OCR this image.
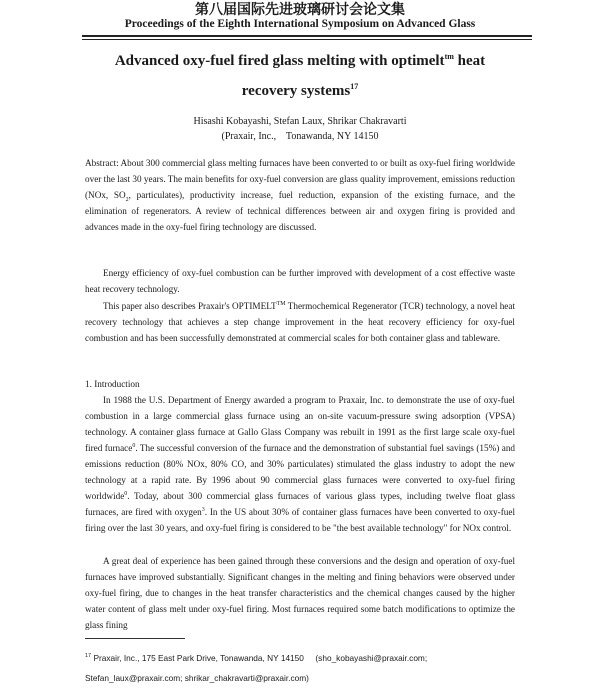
第八届国际先进玻璃研讨会论文集
Proceedings of the Eighth International Symposium on Advanced Glass
Advanced oxy-fuel fired glass melting with optimelt$^{tm}$ heat
recovery systems$^{17}$
Hisashi Kobayashi, Stefan Laux, Shrikar Chakravarti
(Praxair, Inc.,    Tonawanda, NY 14150

Abstract: About 300 commercial glass melting furnaces have been converted to or built as oxy-fuel firing worldwide over the last 30 years. The main benefits for oxy-fuel conversion are glass quality improvement, emissions reduction (NOx, $SO_2$, particulates), productivity increase, fuel reduction, expansion of the existing furnace, and the elimination of regenerators. A review of technical differences between air and oxygen firing is provided and advances made in the oxy-fuel firing technology are discussed.

Energy efficiency of oxy-fuel combustion can be further improved with development of a cost effective waste heat recovery technology.

This paper also describes Praxair's OPTIMELT™ Thermochemical Regenerator (TCR) technology, a novel heat recovery technology that achieves a step change improvement in the heat recovery efficiency for oxy-fuel combustion and has been successfully demonstrated at commercial scales for both container glass and tableware.

1. Introduction

In 1988 the U.S. Department of Energy awarded a program to Praxair, Inc. to demonstrate the use of oxy-fuel combustion in a large commercial glass furnace using an on-site vacuum-pressure swing adsorption (VPSA) technology. A container glass furnace at Gallo Glass Company was rebuilt in 1991 as the first large scale oxy-fuel fired furnace$^0$. The successful conversion of the furnace and the demonstration of substantial fuel savings (15%) and emissions reduction (80% NOx, 80% CO, and 30% particulates) stimulated the glass industry to adopt the new technology at a rapid rate. By 1996 about 90 commercial glass furnaces were converted to oxy-fuel firing worldwide$^0$. Today, about 300 commercial glass furnaces of various glass types, including twelve float glass furnaces, are fired with oxygen$^3$. In the US about 30% of container glass furnaces have been converted to oxy-fuel firing over the last 30 years, and oxy-fuel firing is considered to be "the best available technology" for NOx control.

A great deal of experience has been gained through these conversions and the design and operation of oxy-fuel furnaces have improved substantially. Significant changes in the melting and fining behaviors were observed under oxy-fuel firing, due to changes in the heat transfer characteristics and the chemical changes caused by the higher water content of glass melt under oxy-fuel firing. Most furnaces required some batch modifications to optimize the glass fining

$^{17}$ Praxair, Inc., 175 East Park Drive, Tonawanda, NY 14150     (sho_kobayashi@praxair.com;
Stefan_laux@praxair.com; shrikar_chakravarti@praxair.com)
